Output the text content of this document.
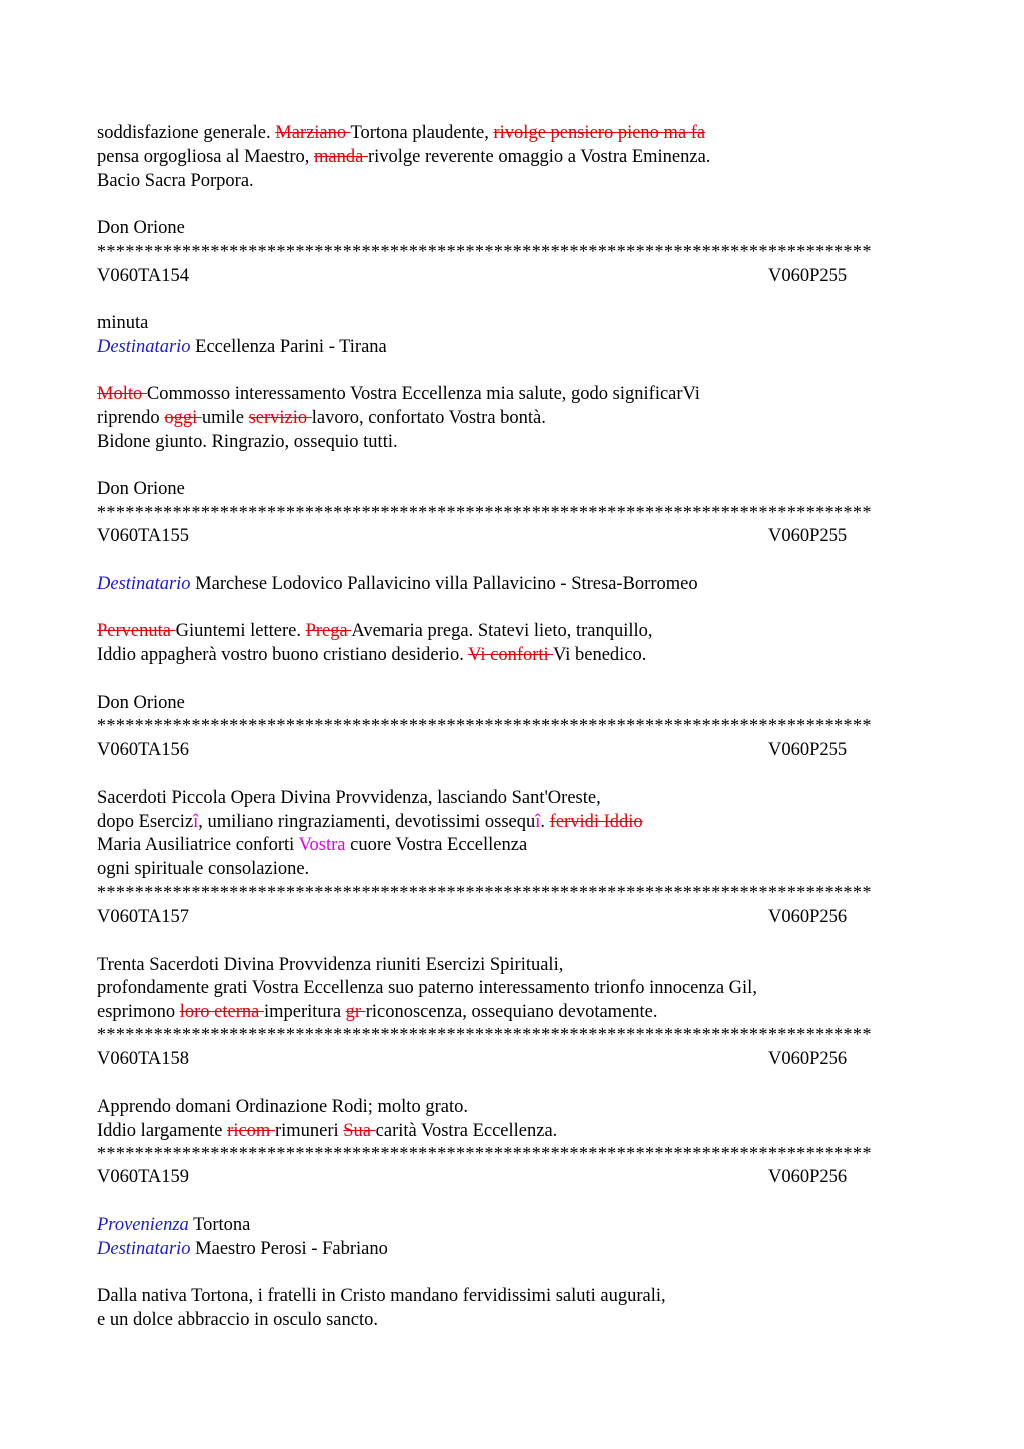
soddisfazione generale. Marziano Tortona plaudente, rivolge pensiero pieno ma fa
pensa orgogliosa al Maestro, manda rivolge reverente omaggio a Vostra Eminenza.
Bacio Sacra Porpora.
Don Orione
**********************************************************************************
V060TA154	V060P255
minuta
Destinatario Eccellenza Parini - Tirana
Molto Commosso interessamento Vostra Eccellenza mia salute, godo significarVi
riprendo oggi umile servizio lavoro, confortato Vostra bontà.
Bidone giunto. Ringrazio, ossequio tutti.
Don Orione
**********************************************************************************
V060TA155	V060P255
Destinatario Marchese Lodovico Pallavicino villa Pallavicino - Stresa-Borromeo
Pervenuta Giuntemi lettere. Prega Avemaria prega. Statevi lieto, tranquillo,
Iddio appagherà vostro buono cristiano desiderio. Vi conforti Vi benedico.
Don Orione
**********************************************************************************
V060TA156	V060P255
Sacerdoti Piccola Opera Divina Provvidenza, lasciando Sant'Oreste,
dopo Esercizî, umiliano ringraziamenti, devotissimi ossequî. fervidi Iddio
Maria Ausiliatrice conforti Vostra cuore Vostra Eccellenza
ogni spirituale consolazione.
**********************************************************************************
V060TA157	V060P256
Trenta Sacerdoti Divina Provvidenza riuniti Esercizi Spirituali,
profondamente grati Vostra Eccellenza suo paterno interessamento trionfo innocenza Gil,
esprimono loro eterna imperitura gr riconoscenza, ossequiano devotamente.
**********************************************************************************
V060TA158	V060P256
Apprendo domani Ordinazione Rodi; molto grato.
Iddio largamente ricom rimuneri Sua carità Vostra Eccellenza.
**********************************************************************************
V060TA159	V060P256
Provenienza Tortona
Destinatario Maestro Perosi - Fabriano
Dalla nativa Tortona, i fratelli in Cristo mandano fervidissimi saluti augurali,
e un dolce abbraccio in osculo sancto.
